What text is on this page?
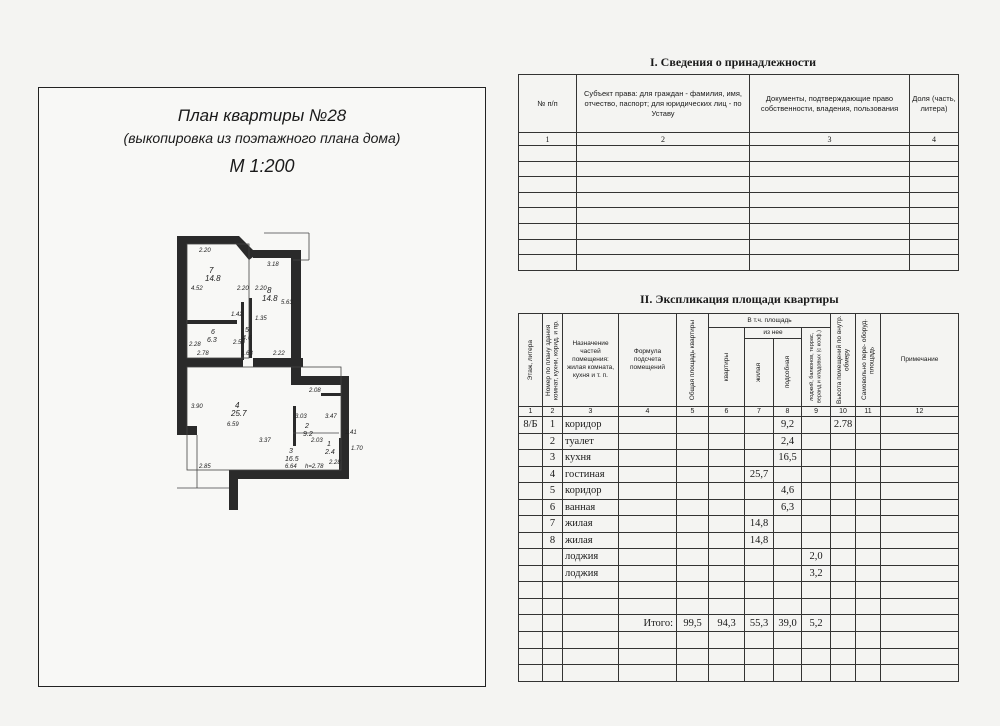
План квартиры №28
(выкопировка из поэтажного плана дома)
М 1:200
7
14.8
8
14.8
6
6.3
5
4.6
4
25.7
2
9.2
1
2.4
3
16.5
2.20
3.18
4.52	2.20 2.20
5.63
1.42
1.35
2.28	2.50
2.78	1.63	2.22
2.08
3.90
6.59
3.03	3.47
2.03
1.41
1.70
3.37
2.85	6.64
2.28
h=2.78
I. Сведения о принадлежности
№ п/п	Субъект права: для граждан - фамилия, имя, отчество, паспорт; для юридических лиц - по Уставу	Документы, подтверждающие право собственности, владения, пользования	Доля (часть, литера)
1	2	3	4

II. Экспликация площади квартиры
Этаж, литера	Номер по плану здания комнат, кухни, корид. и пр.	Назначение частей помещения: жилая комната, кухня и т. п.	Формула подсчета помещений	Общая площадь квартиры	В т.ч. площадь				Высота помещений по внутр. обмеру	Самовольно пере- оборуд. площадь	Примечание

					квартиры	из нее		лоджий, балконов, террас, веранд и кладовых (с коэф.)			

						жилая	подсобная				

1	2	3	4	5	6	7	8	9	10	11	12
8/Б	1	коридор					9,2		2.78		
	2	туалет					2,4				
	3	кухня					16,5				
	4	гостиная				25,7					
	5	коридор					4,6				
	6	ванная					6,3				
	7	жилая				14,8					
	8	жилая				14,8					
		лоджия						2,0			
		лоджия						3,2			

			Итого:	99,5	94,3	55,3	39,0	5,2			
